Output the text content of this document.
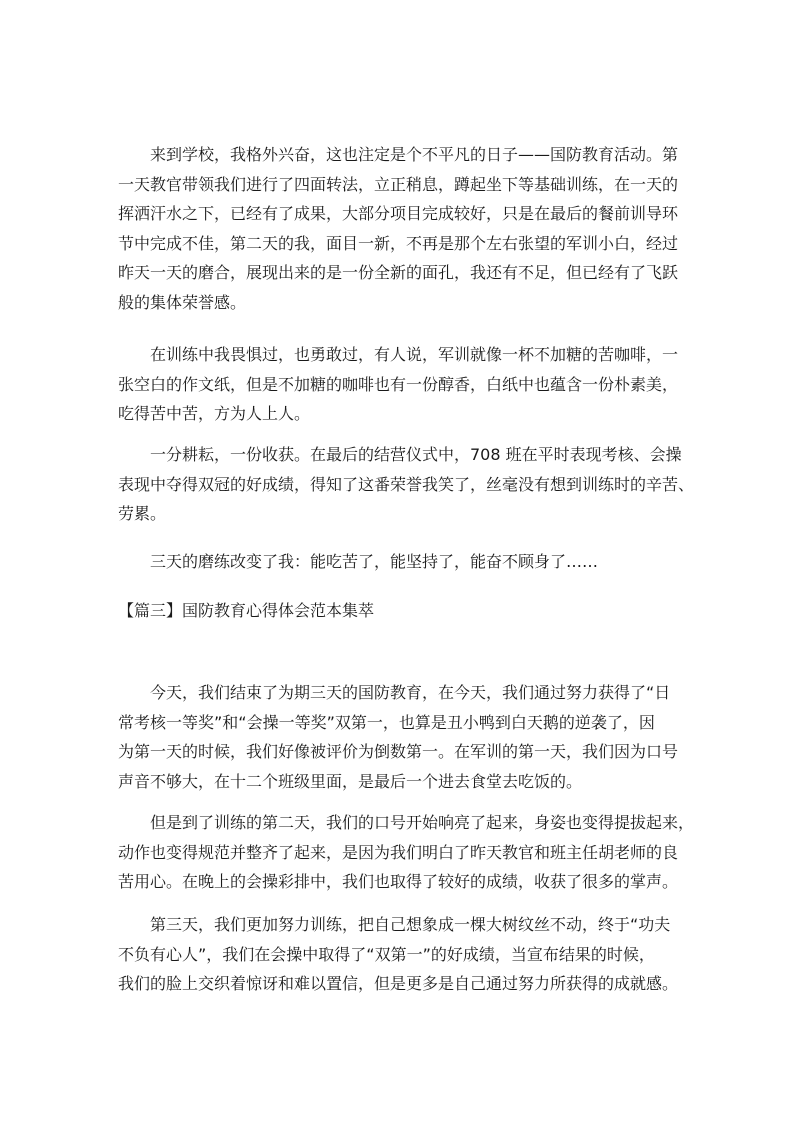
来到学校，我格外兴奋，这也注定是个不平凡的日子——国防教育活动。第
一天教官带领我们进行了四面转法，立正稍息，蹲起坐下等基础训练，在一天的
挥洒汗水之下，已经有了成果，大部分项目完成较好，只是在最后的餐前训导环
节中完成不佳，第二天的我，面目一新，不再是那个左右张望的军训小白，经过
昨天一天的磨合，展现出来的是一份全新的面孔，我还有不足，但已经有了飞跃
般的集体荣誉感。

在训练中我畏惧过，也勇敢过，有人说，军训就像一杯不加糖的苦咖啡，一
张空白的作文纸，但是不加糖的咖啡也有一份醇香，白纸中也蕴含一份朴素美，
吃得苦中苦，方为人上人。

一分耕耘，一份收获。在最后的结营仪式中，708 班在平时表现考核、会操
表现中夺得双冠的好成绩，得知了这番荣誉我笑了，丝毫没有想到训练时的辛苦、
劳累。

三天的磨练改变了我：能吃苦了，能坚持了，能奋不顾身了……

【篇三】国防教育心得体会范本集萃

今天，我们结束了为期三天的国防教育，在今天，我们通过努力获得了“日
常考核一等奖”和“会操一等奖”双第一，也算是丑小鸭到白天鹅的逆袭了，因
为第一天的时候，我们好像被评价为倒数第一。在军训的第一天，我们因为口号
声音不够大，在十二个班级里面，是最后一个进去食堂去吃饭的。

但是到了训练的第二天，我们的口号开始响亮了起来，身姿也变得提拔起来，
动作也变得规范并整齐了起来，是因为我们明白了昨天教官和班主任胡老师的良
苦用心。在晚上的会操彩排中，我们也取得了较好的成绩，收获了很多的掌声。

第三天，我们更加努力训练，把自己想象成一棵大树纹丝不动，终于“功夫
不负有心人”，我们在会操中取得了“双第一”的好成绩，当宣布结果的时候，
我们的脸上交织着惊讶和难以置信，但是更多是自己通过努力所获得的成就感。
